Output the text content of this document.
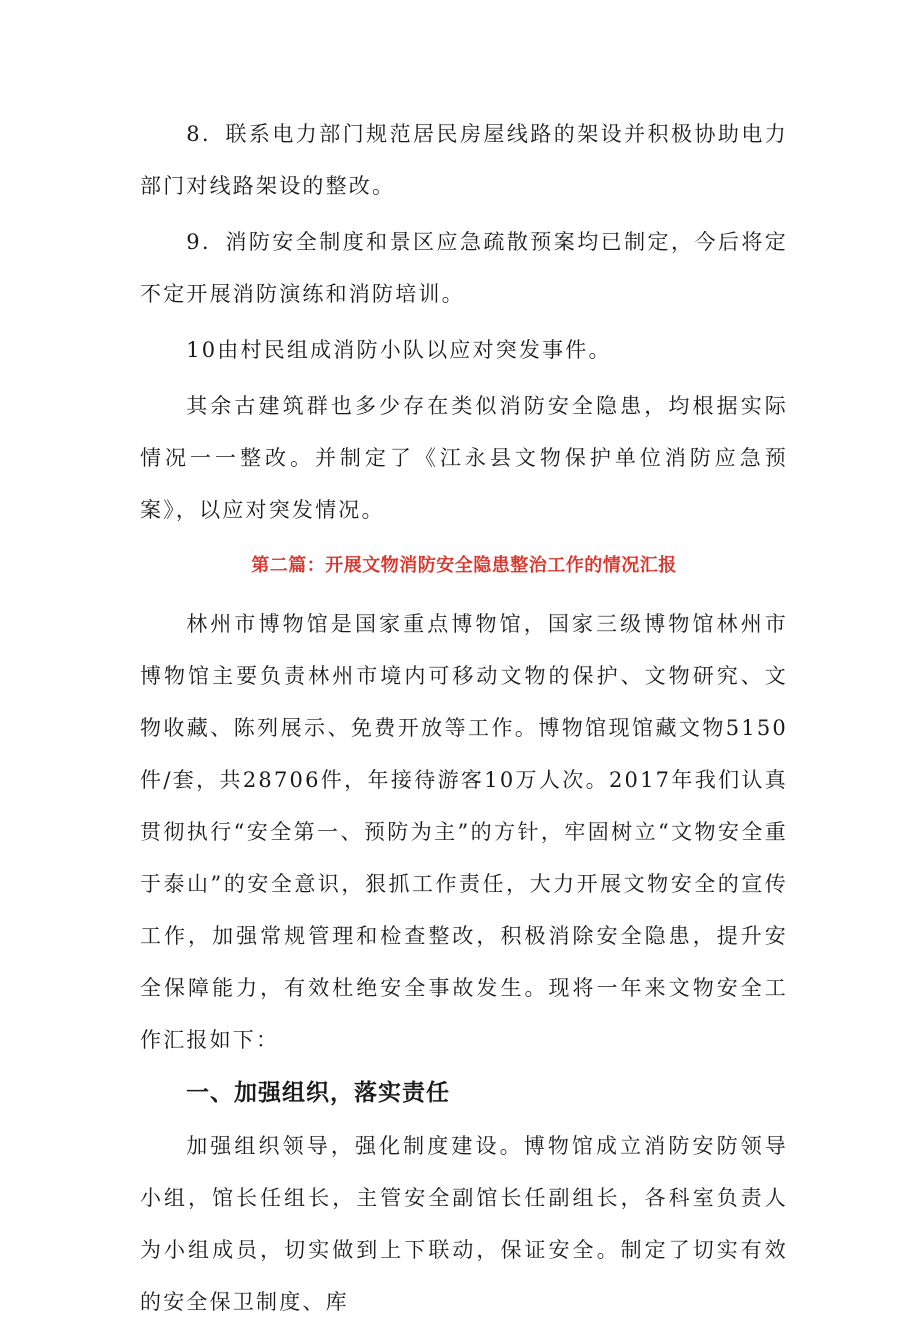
8．联系电力部门规范居民房屋线路的架设并积极协助电力部门对线路架设的整改。

9．消防安全制度和景区应急疏散预案均已制定，今后将定不定开展消防演练和消防培训。

10由村民组成消防小队以应对突发事件。

其余古建筑群也多少存在类似消防安全隐患，均根据实际情况一一整改。并制定了《江永县文物保护单位消防应急预案》，以应对突发情况。

第二篇：开展文物消防安全隐患整治工作的情况汇报

林州市博物馆是国家重点博物馆，国家三级博物馆林州市博物馆主要负责林州市境内可移动文物的保护、文物研究、文物收藏、陈列展示、免费开放等工作。博物馆现馆藏文物5150件/套，共28706件，年接待游客10万人次。2017年我们认真贯彻执行“安全第一、预防为主”的方针，牢固树立“文物安全重于泰山”的安全意识，狠抓工作责任，大力开展文物安全的宣传工作，加强常规管理和检查整改，积极消除安全隐患，提升安全保障能力，有效杜绝安全事故发生。现将一年来文物安全工作汇报如下：

一、加强组织，落实责任

加强组织领导，强化制度建设。博物馆成立消防安防领导小组，馆长任组长，主管安全副馆长任副组长，各科室负责人为小组成员，切实做到上下联动，保证安全。制定了切实有效的安全保卫制度、库
